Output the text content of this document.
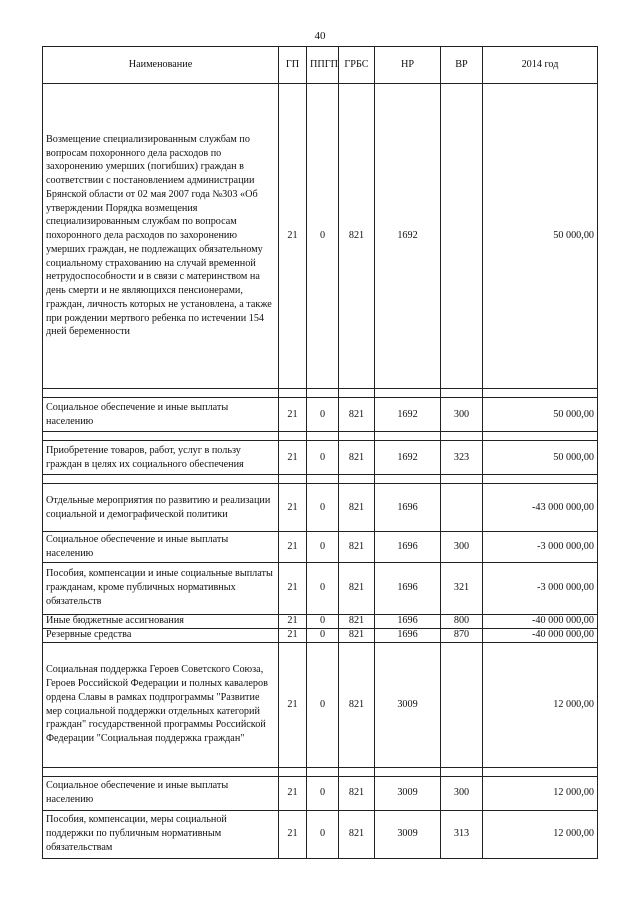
40
Наименование	ГП	ППГП	ГРБС	НР	ВР	2014 год
Возмещение специализированным службам по вопросам похоронного дела расходов по захоронению умерших (погибших) граждан в соответствии с постановлением администрации Брянской области от 02 мая 2007 года №303 «Об утверждении Порядка возмещения специализированным службам по вопросам похоронного дела расходов по захоронению умерших граждан, не подлежащих обязательному социальному страхованию на случай временной нетрудоспособности и в связи с материнством на день смерти и не являющихся пенсионерами, граждан, личность которых не установлена, а также при рождении мертвого ребенка по истечении 154 дней беременности	21	0	821	1692		50 000,00

Социальное обеспечение и иные выплаты населению	21	0	821	1692	300	50 000,00

Приобретение товаров, работ, услуг в пользу граждан в целях их социального обеспечения	21	0	821	1692	323	50 000,00

Отдельные мероприятия по развитию и реализации социальной и демографической политики	21	0	821	1696		-43 000 000,00
Социальное обеспечение и иные выплаты населению	21	0	821	1696	300	-3 000 000,00
Пособия, компенсации и иные социальные выплаты гражданам, кроме публичных нормативных обязательств	21	0	821	1696	321	-3 000 000,00
Иные бюджетные ассигнования	21	0	821	1696	800	-40 000 000,00
Резервные средства	21	0	821	1696	870	-40 000 000,00
Социальная поддержка Героев Советского Союза, Героев Российской Федерации и полных кавалеров ордена Славы в рамках подпрограммы "Развитие мер социальной поддержки отдельных категорий граждан" государственной программы Российской Федерации "Социальная поддержка граждан"	21	0	821	3009		12 000,00

Социальное обеспечение и иные выплаты населению	21	0	821	3009	300	12 000,00
Пособия, компенсации, меры социальной поддержки по публичным нормативным обязательствам	21	0	821	3009	313	12 000,00
